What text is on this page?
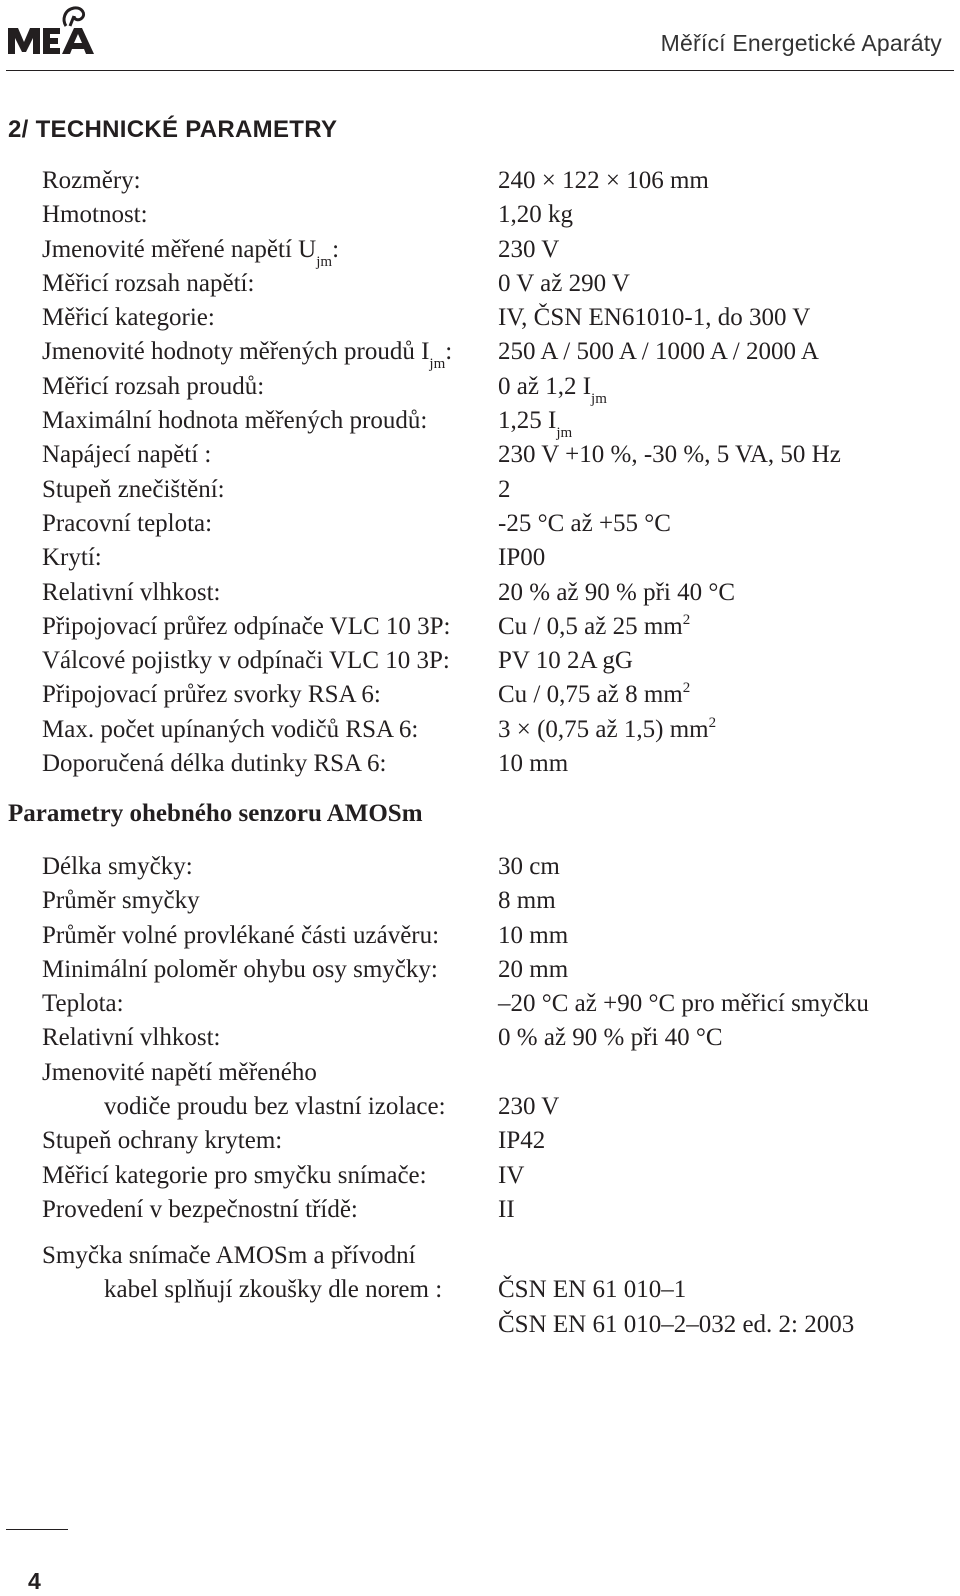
Měřící Energetické Aparáty
2/ TECHNICKÉ PARAMETRY
Rozměry:	240 × 122 × 106 mm
Hmotnost:	1,20 kg
Jmenovité měřené napětí $U_{jm}$:	230 V
Měřicí rozsah napětí:	0 V až 290 V
Měřicí kategorie:	IV, ČSN EN61010-1, do 300 V
Jmenovité hodnoty měřených proudů $I_{jm}$: 250 A / 500 A / 1000 A / 2000 A
Měřicí rozsah proudů:	0 až 1,2 $I_{jm}$
Maximální hodnota měřených proudů:	1,25 $I_{jm}$
Napájecí napětí :	230 V +10 %, -30 %, 5 VA, 50 Hz
Stupeň znečištění:	2
Pracovní teplota:	-25 °C až +55 °C
Krytí:	IP00
Relativní vlhkost:	20 % až 90 % při 40 °C
Připojovací průřez odpínače VLC 10 3P: Cu / 0,5 až 25 $mm^2$
Válcové pojistky v odpínači VLC 10 3P: PV 10 2A gG
Připojovací průřez svorky RSA 6:	Cu / 0,75 až 8 $mm^2$
Max. počet upínaných vodičů RSA 6:	3 × (0,75 až 1,5) $mm^2$
Doporučená délka dutinky RSA 6:	10 mm
Parametry ohebného senzoru AMOSm
Délka smyčky:	30 cm
Průměr smyčky	8 mm
Průměr volné provlékané části uzávěru: 10 mm
Minimální poloměr ohybu osy smyčky: 20 mm
Teplota:	–20 °C až +90 °C pro měřicí smyčku
Relativní vlhkost:	0 % až 90 % při 40 °C
Jmenovité napětí měřeného
vodiče proudu bez vlastní izolace: 230 V
Stupeň ochrany krytem:	IP42
Měřicí kategorie pro smyčku snímače:	IV
Provedení v bezpečnostní třídě:	II
Smyčka snímače AMOSm a přívodní
kabel splňují zkoušky dle norem : ČSN EN 61 010–1
ČSN EN 61 010–2–032 ed. 2: 2003
4
